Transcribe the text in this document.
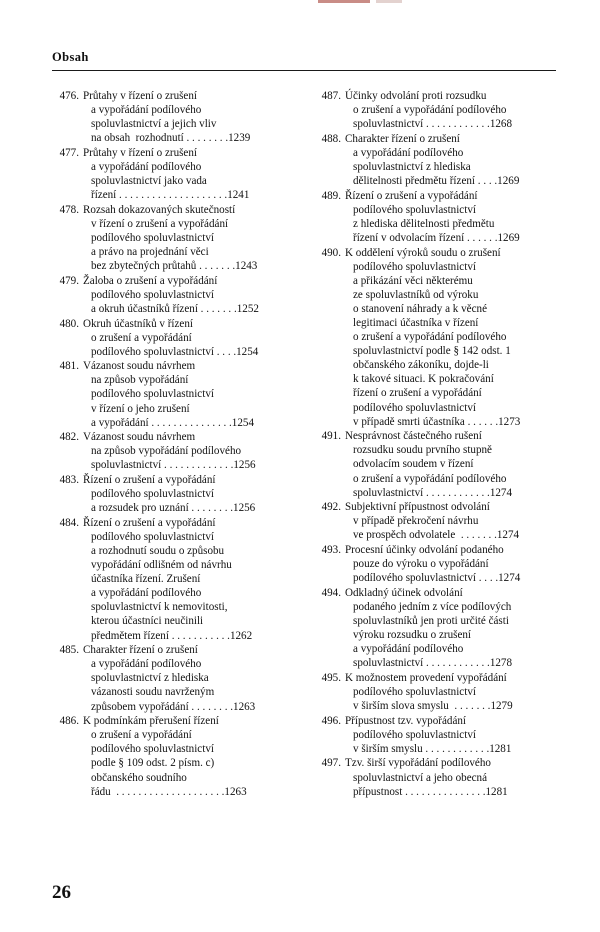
Obsah
476. Průtahy v řízení o zrušení
a vypořádání podílového
spoluvlastnictví a jejich vliv
na obsah  rozhodnutí . . . . . . . .1239
477. Průtahy v řízení o zrušení
a vypořádání podílového
spoluvlastnictví jako vada
řízení . . . . . . . . . . . . . . . . . . . .1241
478. Rozsah dokazovaných skutečností
v řízení o zrušení a vypořádání
podílového spoluvlastnictví
a právo na projednání věci
bez zbytečných průtahů . . . . . . .1243
479. Žaloba o zrušení a vypořádání
podílového spoluvlastnictví
a okruh účastníků řízení . . . . . . .1252
480. Okruh účastníků v řízení
o zrušení a vypořádání
podílového spoluvlastnictví . . . .1254
481. Vázanost soudu návrhem
na způsob vypořádání
podílového spoluvlastnictví
v řízení o jeho zrušení
a vypořádání . . . . . . . . . . . . . . .1254
482. Vázanost soudu návrhem
na způsob vypořádání podílového
spoluvlastnictví . . . . . . . . . . . . .1256
483. Řízení o zrušení a vypořádání
podílového spoluvlastnictví
a rozsudek pro uznání . . . . . . . .1256
484. Řízení o zrušení a vypořádání
podílového spoluvlastnictví
a rozhodnutí soudu o způsobu
vypořádání odlišném od návrhu
účastníka řízení. Zrušení
a vypořádání podílového
spoluvlastnictví k nemovitosti,
kterou účastníci neučinili
předmětem řízení . . . . . . . . . . .1262
485. Charakter řízení o zrušení
a vypořádání podílového
spoluvlastnictví z hlediska
vázanosti soudu navrženým
způsobem vypořádání . . . . . . . .1263
486. K podmínkám přerušení řízení
o zrušení a vypořádání
podílového spoluvlastnictví
podle § 109 odst. 2 písm. c)
občanského soudního
řádu  . . . . . . . . . . . . . . . . . . . .1263
487. Účinky odvolání proti rozsudku
o zrušení a vypořádání podílového
spoluvlastnictví . . . . . . . . . . . .1268
488. Charakter řízení o zrušení
a vypořádání podílového
spoluvlastnictví z hlediska
dělitelnosti předmětu řízení . . . .1269
489. Řízení o zrušení a vypořádání
podílového spoluvlastnictví
z hlediska dělitelnosti předmětu
řízení v odvolacím řízení . . . . . .1269
490. K oddělení výroků soudu o zrušení
podílového spoluvlastnictví
a přikázání věci některému
ze spoluvlastníků od výroku
o stanovení náhrady a k věcné
legitimaci účastníka v řízení
o zrušení a vypořádání podílového
spoluvlastnictví podle § 142 odst. 1
občanského zákoníku, dojde-li
k takové situaci. K pokračování
řízení o zrušení a vypořádání
podílového spoluvlastnictví
v případě smrti účastníka . . . . . .1273
491. Nesprávnost částečného rušení
rozsudku soudu prvního stupně
odvolacím soudem v řízení
o zrušení a vypořádání podílového
spoluvlastnictví . . . . . . . . . . . .1274
492. Subjektivní přípustnost odvolání
v případě překročení návrhu
ve prospěch odvolatele  . . . . . . .1274
493. Procesní účinky odvolání podaného
pouze do výroku o vypořádání
podílového spoluvlastnictví . . . .1274
494. Odkladný účinek odvolání
podaného jedním z více podílových
spoluvlastníků jen proti určité části
výroku rozsudku o zrušení
a vypořádání podílového
spoluvlastnictví . . . . . . . . . . . .1278
495. K možnostem provedení vypořádání
podílového spoluvlastnictví
v širším slova smyslu  . . . . . . .1279
496. Přípustnost tzv. vypořádání
podílového spoluvlastnictví
v širším smyslu . . . . . . . . . . . .1281
497. Tzv. širší vypořádání podílového
spoluvlastnictví a jeho obecná
přípustnost . . . . . . . . . . . . . . .1281
26
